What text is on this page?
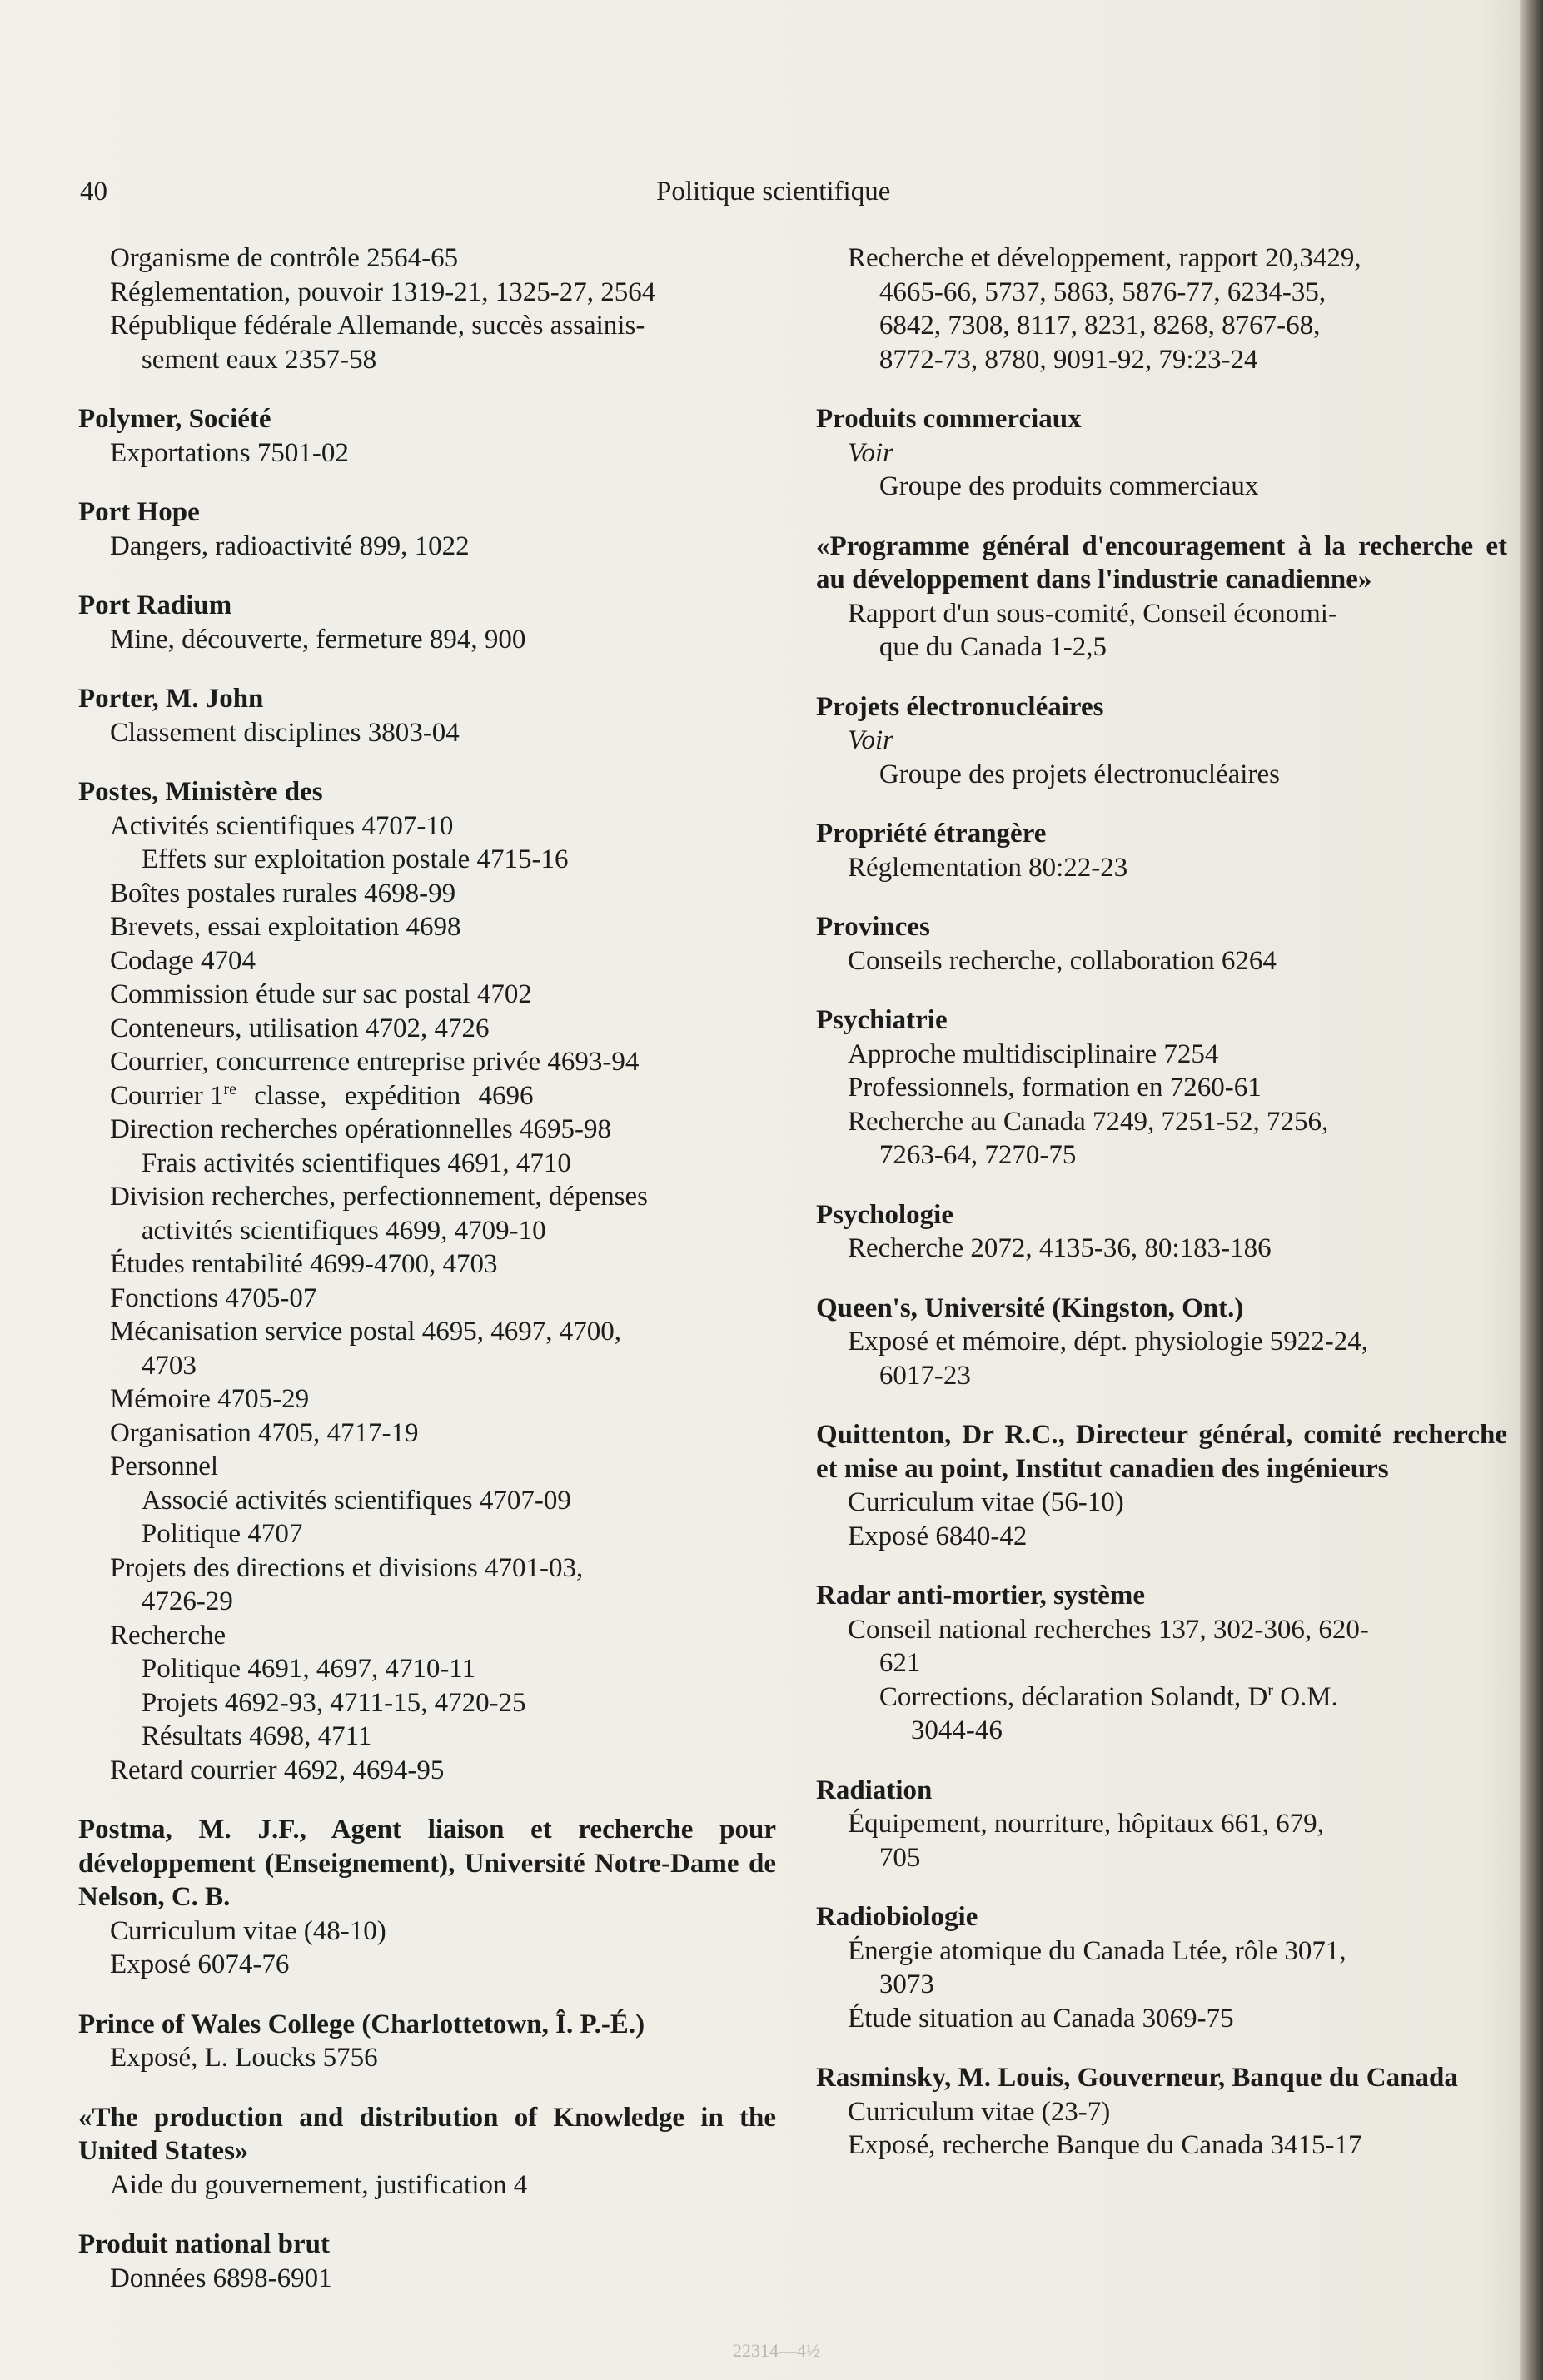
40	Politique scientifique
Organisme de contrôle 2564-65
Réglementation, pouvoir 1319-21, 1325-27, 2564
République fédérale Allemande, succès assainis-
sement eaux 2357-58
Polymer, Société
Exportations 7501-02
Port Hope
Dangers, radioactivité 899, 1022
Port Radium
Mine, découverte, fermeture 894, 900
Porter, M. John
Classement disciplines 3803-04
Postes, Ministère des
Activités scientifiques 4707-10
Effets sur exploitation postale 4715-16
Boîtes postales rurales 4698-99
Brevets, essai exploitation 4698
Codage 4704
Commission étude sur sac postal 4702
Conteneurs, utilisation 4702, 4726
Courrier, concurrence entreprise privée 4693-94
Courrier 1re classe, expédition 4696
Direction recherches opérationnelles 4695-98
Frais activités scientifiques 4691, 4710
Division recherches, perfectionnement, dépenses
activités scientifiques 4699, 4709-10
Études rentabilité 4699-4700, 4703
Fonctions 4705-07
Mécanisation service postal 4695, 4697, 4700,
4703
Mémoire 4705-29
Organisation 4705, 4717-19
Personnel
Associé activités scientifiques 4707-09
Politique 4707
Projets des directions et divisions 4701-03,
4726-29
Recherche
Politique 4691, 4697, 4710-11
Projets 4692-93, 4711-15, 4720-25
Résultats 4698, 4711
Retard courrier 4692, 4694-95
Postma, M. J.F., Agent liaison et recherche pour développement (Enseignement), Université Notre-Dame de Nelson, C. B.
Curriculum vitae (48-10)
Exposé 6074-76
Prince of Wales College (Charlottetown, Î. P.-É.)
Exposé, L. Loucks 5756
«The production and distribution of Knowledge in the United States»
Aide du gouvernement, justification 4
Produit national brut
Données 6898-6901
Recherche et développement, rapport 20,3429,
4665-66, 5737, 5863, 5876-77, 6234-35,
6842, 7308, 8117, 8231, 8268, 8767-68,
8772-73, 8780, 9091-92, 79:23-24
Produits commerciaux
Voir
Groupe des produits commerciaux
«Programme général d'encouragement à la recherche et au développement dans l'industrie canadienne»
Rapport d'un sous-comité, Conseil économi-
que du Canada 1-2,5
Projets électronucléaires
Voir
Groupe des projets électronucléaires
Propriété étrangère
Réglementation 80:22-23
Provinces
Conseils recherche, collaboration 6264
Psychiatrie
Approche multidisciplinaire 7254
Professionnels, formation en 7260-61
Recherche au Canada 7249, 7251-52, 7256,
7263-64, 7270-75
Psychologie
Recherche 2072, 4135-36, 80:183-186
Queen's, Université (Kingston, Ont.)
Exposé et mémoire, dépt. physiologie 5922-24,
6017-23
Quittenton, Dr R.C., Directeur général, comité recherche et mise au point, Institut canadien des ingénieurs
Curriculum vitae (56-10)
Exposé 6840-42
Radar anti-mortier, système
Conseil national recherches 137, 302-306, 620-
621
Corrections, déclaration Solandt, $D^r$ O.M.
3044-46
Radiation
Équipement, nourriture, hôpitaux 661, 679,
705
Radiobiologie
Énergie atomique du Canada Ltée, rôle 3071,
3073
Étude situation au Canada 3069-75
Rasminsky, M. Louis, Gouverneur, Banque du Canada
Curriculum vitae (23-7)
Exposé, recherche Banque du Canada 3415-17
22314—4½
